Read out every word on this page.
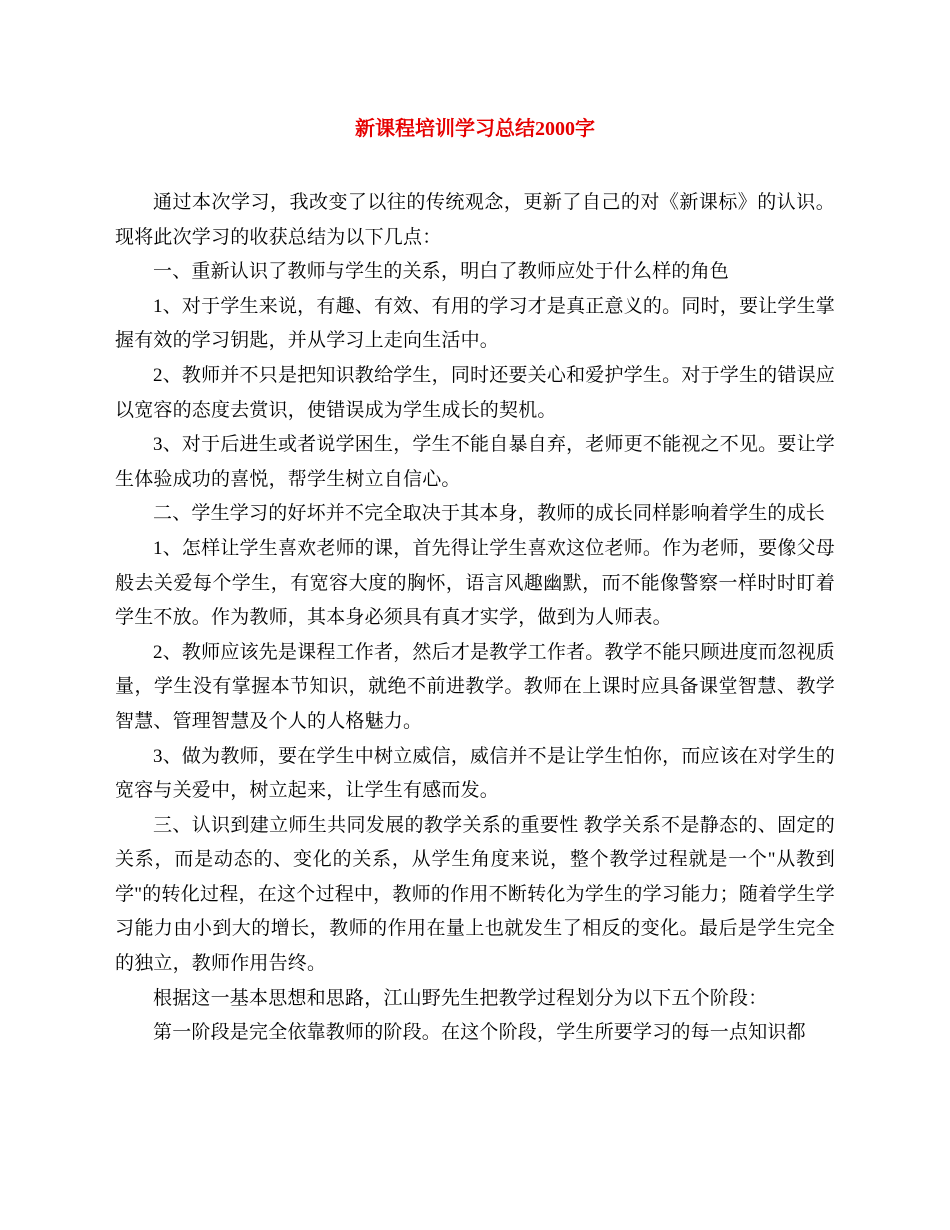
新课程培训学习总结2000字

通过本次学习，我改变了以往的传统观念，更新了自己的对《新课标》的认识。现将此次学习的收获总结为以下几点：

一、重新认识了教师与学生的关系，明白了教师应处于什么样的角色

1、对于学生来说，有趣、有效、有用的学习才是真正意义的。同时，要让学生掌握有效的学习钥匙，并从学习上走向生活中。

2、教师并不只是把知识教给学生，同时还要关心和爱护学生。对于学生的错误应以宽容的态度去赏识，使错误成为学生成长的契机。

3、对于后进生或者说学困生，学生不能自暴自弃，老师更不能视之不见。要让学生体验成功的喜悦，帮学生树立自信心。

二、学生学习的好坏并不完全取决于其本身，教师的成长同样影响着学生的成长

1、怎样让学生喜欢老师的课，首先得让学生喜欢这位老师。作为老师，要像父母般去关爱每个学生，有宽容大度的胸怀，语言风趣幽默，而不能像警察一样时时盯着学生不放。作为教师，其本身必须具有真才实学，做到为人师表。

2、教师应该先是课程工作者，然后才是教学工作者。教学不能只顾进度而忽视质量，学生没有掌握本节知识，就绝不前进教学。教师在上课时应具备课堂智慧、教学智慧、管理智慧及个人的人格魅力。

3、做为教师，要在学生中树立威信，威信并不是让学生怕你，而应该在对学生的宽容与关爱中，树立起来，让学生有感而发。

三、认识到建立师生共同发展的教学关系的重要性 教学关系不是静态的、固定的关系，而是动态的、变化的关系，从学生角度来说，整个教学过程就是一个"从教到学"的转化过程，在这个过程中，教师的作用不断转化为学生的学习能力；随着学生学习能力由小到大的增长，教师的作用在量上也就发生了相反的变化。最后是学生完全的独立，教师作用告终。

根据这一基本思想和思路，江山野先生把教学过程划分为以下五个阶段：

第一阶段是完全依靠教师的阶段。在这个阶段，学生所要学习的每一点知识都
